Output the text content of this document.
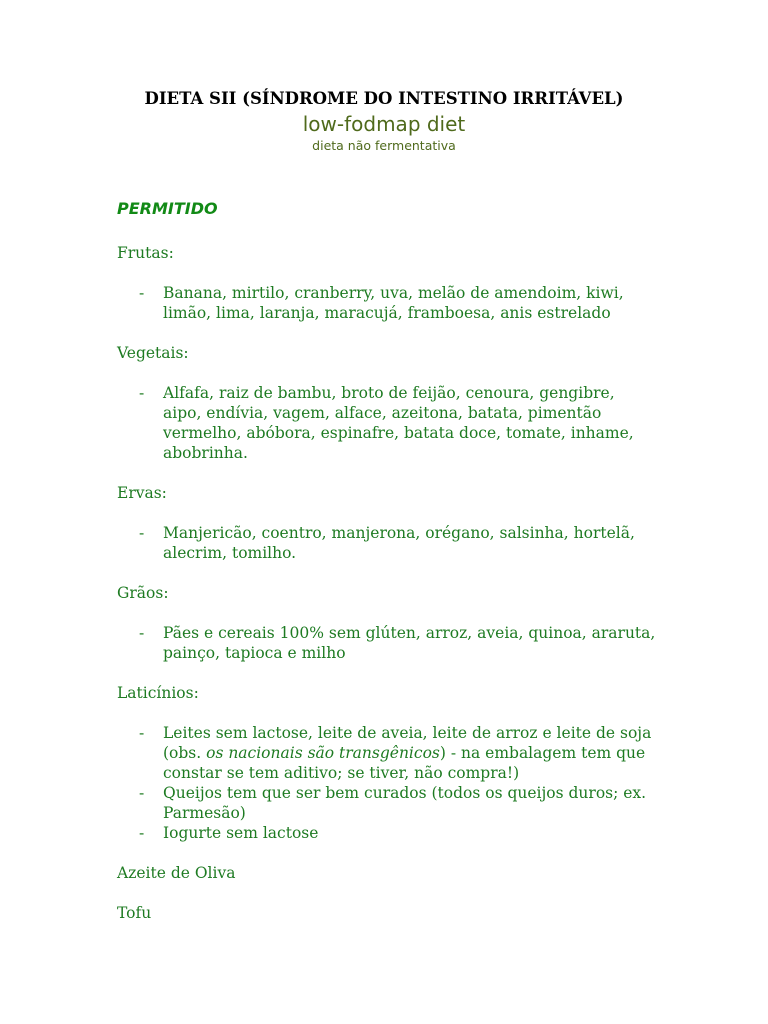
DIETA SII (SÍNDROME DO INTESTINO IRRITÁVEL)
low-fodmap diet
dieta não fermentativa
PERMITIDO
Frutas:
- Banana, mirtilo, cranberry, uva, melão de amendoim, kiwi, limão, lima, laranja, maracujá, framboesa, anis estrelado
Vegetais:
- Alfafa, raiz de bambu, broto de feijão, cenoura, gengibre, aipo, endívia, vagem, alface, azeitona, batata, pimentão vermelho, abóbora, espinafre, batata doce, tomate, inhame, abobrinha.
Ervas:
- Manjericão, coentro, manjerona, orégano, salsinha, hortelã, alecrim, tomilho.
Grãos:
- Pães e cereais 100% sem glúten, arroz, aveia, quinoa, araruta, painço, tapioca e milho
Laticínios:
- Leites sem lactose, leite de aveia, leite de arroz e leite de soja (obs. os nacionais são transgênicos) - na embalagem tem que constar se tem aditivo; se tiver, não compra!)
- Queijos tem que ser bem curados (todos os queijos duros; ex. Parmesão)
- Iogurte sem lactose
Azeite de Oliva
Tofu
